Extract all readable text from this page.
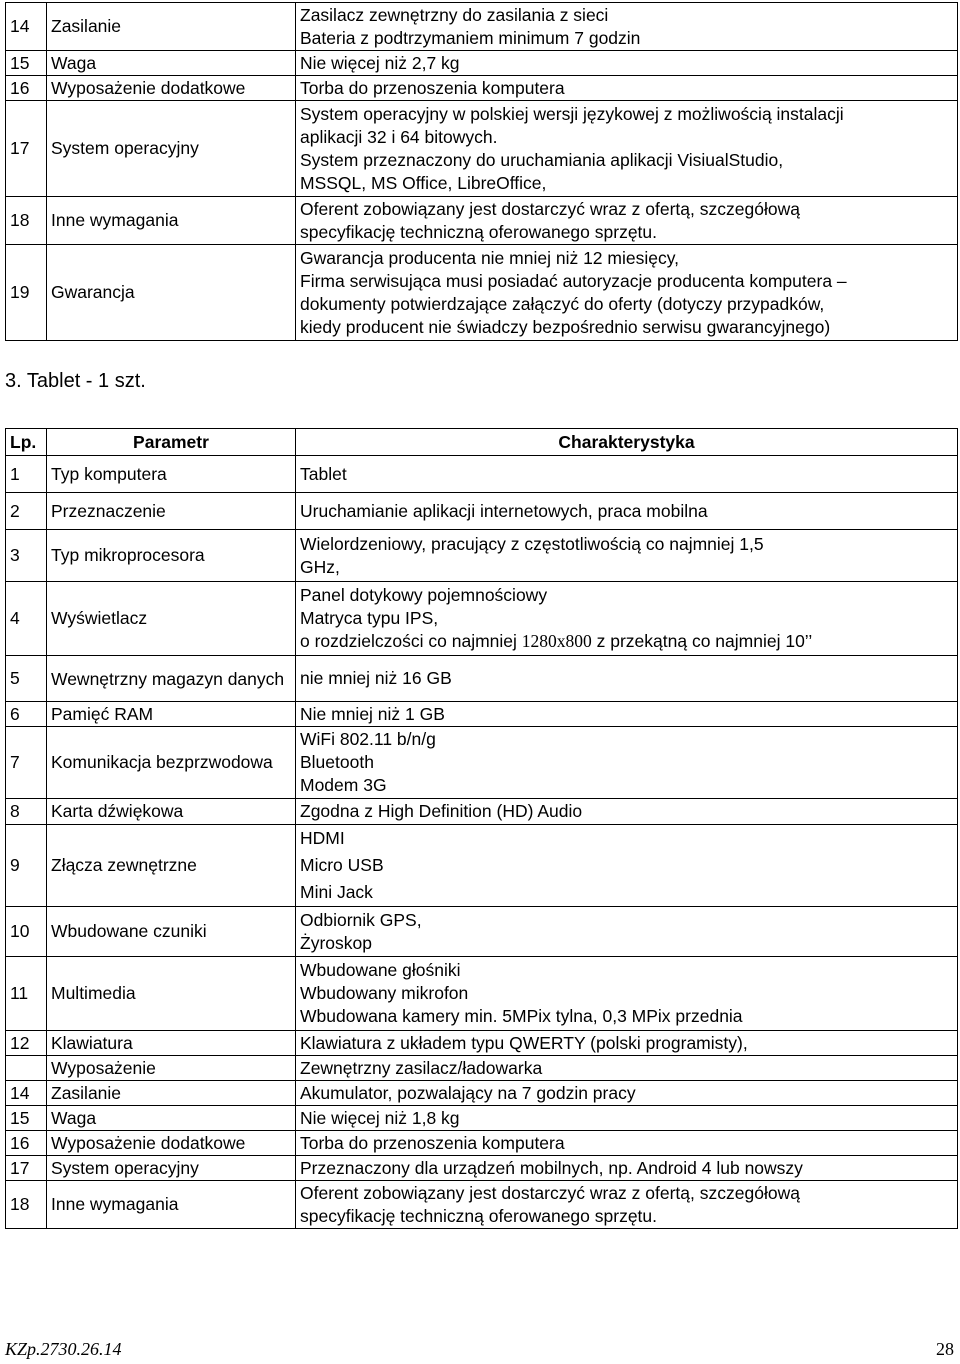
14	Zasilanie	Zasilacz zewnętrzny do zasilania z sieci
Bateria z podtrzymaniem minimum 7 godzin

15	Waga	Nie więcej niż 2,7 kg

16	Wyposażenie dodatkowe	Torba do przenoszenia komputera

17	System operacyjny	System operacyjny w polskiej wersji językowej z możliwością instalacji
aplikacji 32 i 64 bitowych.
System przeznaczony do uruchamiania aplikacji VisiualStudio,
MSSQL, MS Office, LibreOffice,

18	Inne wymagania	Oferent zobowiązany jest dostarczyć wraz z ofertą, szczegółową
specyfikację techniczną oferowanego sprzętu.

19	Gwarancja	Gwarancja producenta nie mniej niż 12 miesięcy,
Firma serwisująca musi posiadać autoryzacje producenta komputera –
dokumenty potwierdzające załączyć do oferty (dotyczy przypadków,
kiedy producent nie świadczy bezpośrednio serwisu gwarancyjnego)
3. Tablet - 1 szt.
Lp.	Parametr	Charakterystyka
1	Typ komputera	Tablet

2	Przeznaczenie	Uruchamianie aplikacji internetowych, praca mobilna

3	Typ mikroprocesora	Wielordzeniowy, pracujący z częstotliwością co najmniej 1,5
GHz,

4	Wyświetlacz	Panel dotykowy pojemnościowy
Matryca typu IPS,
o rozdzielczości co najmniej 1280x800 z przekątną co najmniej 10’’

5	Wewnętrzny magazyn danych	nie mniej niż 16 GB

6	Pamięć RAM	Nie mniej niż 1 GB

7	Komunikacja bezprzwodowa	WiFi 802.11 b/n/g
Bluetooth
Modem 3G

8	Karta dźwiękowa	Zgodna z High Definition (HD) Audio

9	Złącza zewnętrzne	HDMI
Micro USB
Mini Jack

10	Wbudowane czuniki	Odbiornik GPS,
Żyroskop

11	Multimedia	Wbudowane głośniki
Wbudowany mikrofon
Wbudowana kamery min. 5MPix tylna, 0,3 MPix przednia

12	Klawiatura	Klawiatura z układem typu QWERTY (polski programisty),

	Wyposażenie	Zewnętrzny zasilacz/ładowarka

14	Zasilanie	Akumulator, pozwalający na 7 godzin pracy

15	Waga	Nie więcej niż 1,8 kg

16	Wyposażenie dodatkowe	Torba do przenoszenia komputera

17	System operacyjny	Przeznaczony dla urządzeń mobilnych, np. Android 4 lub nowszy

18	Inne wymagania	Oferent zobowiązany jest dostarczyć wraz z ofertą, szczegółową
specyfikację techniczną oferowanego sprzętu.
KZp.2730.26.14	28
